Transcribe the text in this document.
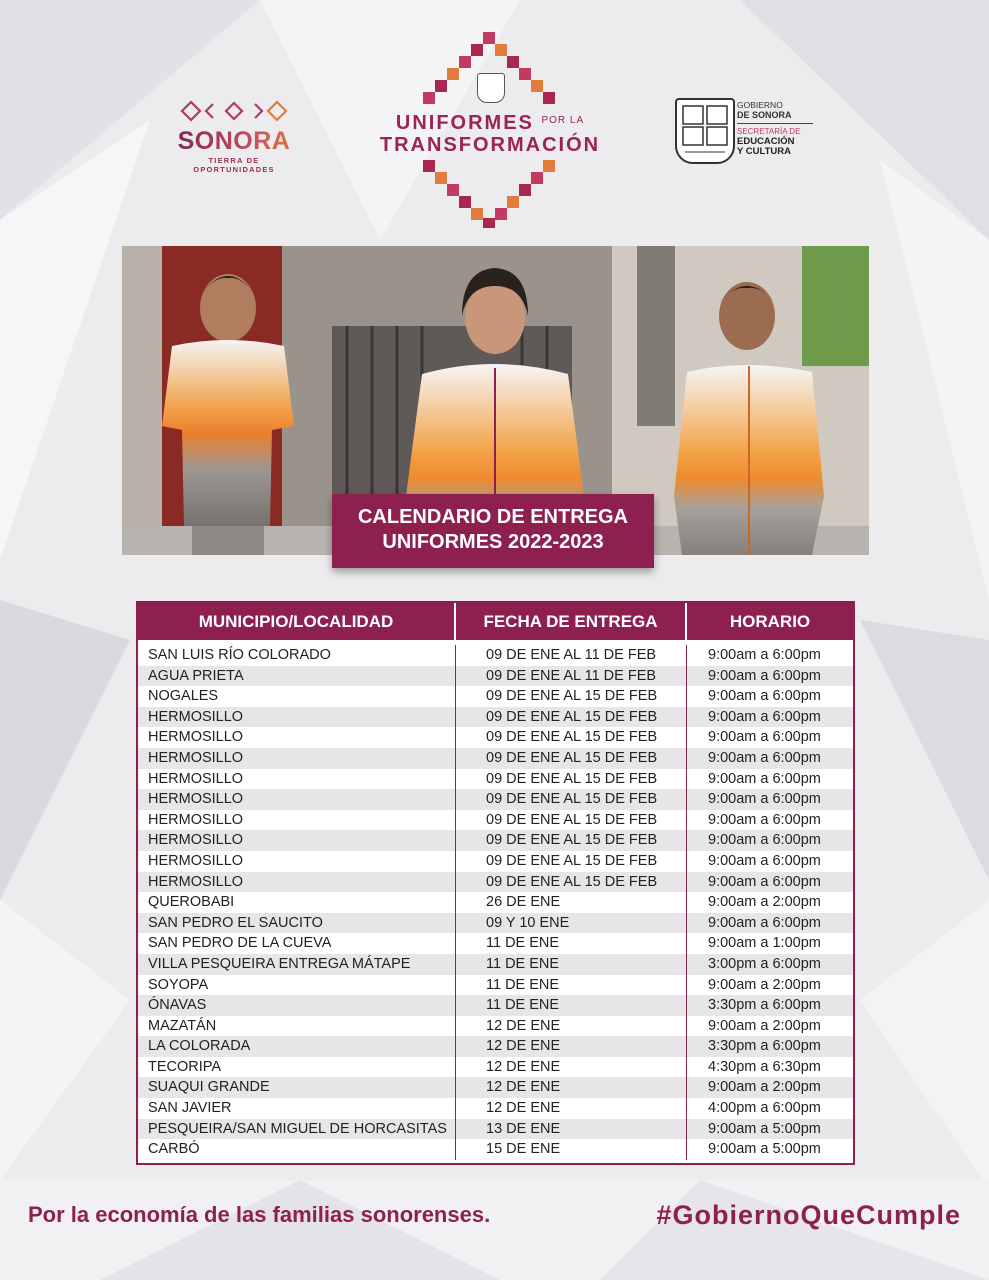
SONORA
TIERRA DE OPORTUNIDADES
UNIFORMES $^{POR LA}$
TRANSFORMACIÓN
GOBIERNO
DE SONORA
SECRETARÍA DE
EDUCACIÓN
Y CULTURA
CALENDARIO DE ENTREGA
UNIFORMES 2022-2023
MUNICIPIO/LOCALIDAD	FECHA DE ENTREGA	HORARIO
SAN LUIS RÍO COLORADO	09 DE ENE AL 11 DE FEB	9:00am a 6:00pm
AGUA PRIETA	09 DE ENE AL 11 DE FEB	9:00am a 6:00pm
NOGALES	09 DE ENE AL 15 DE FEB	9:00am a 6:00pm
HERMOSILLO	09 DE ENE AL 15 DE FEB	9:00am a 6:00pm
HERMOSILLO	09 DE ENE AL 15 DE FEB	9:00am a 6:00pm
HERMOSILLO	09 DE ENE AL 15 DE FEB	9:00am a 6:00pm
HERMOSILLO	09 DE ENE AL 15 DE FEB	9:00am a 6:00pm
HERMOSILLO	09 DE ENE AL 15 DE FEB	9:00am a 6:00pm
HERMOSILLO	09 DE ENE AL 15 DE FEB	9:00am a 6:00pm
HERMOSILLO	09 DE ENE AL 15 DE FEB	9:00am a 6:00pm
HERMOSILLO	09 DE ENE AL 15 DE FEB	9:00am a 6:00pm
HERMOSILLO	09 DE ENE AL 15 DE FEB	9:00am a 6:00pm
QUEROBABI	26 DE ENE	9:00am a 2:00pm
SAN PEDRO EL SAUCITO	09 Y 10 ENE	9:00am a 6:00pm
SAN PEDRO DE LA CUEVA	11 DE ENE	9:00am a 1:00pm
VILLA PESQUEIRA ENTREGA MÁTAPE	11 DE ENE	3:00pm a 6:00pm
SOYOPA	11 DE ENE	9:00am a 2:00pm
ÓNAVAS	11 DE ENE	3:30pm a 6:00pm
MAZATÁN	12 DE ENE	9:00am a 2:00pm
LA COLORADA	12 DE ENE	3:30pm a 6:00pm
TECORIPA	12 DE ENE	4:30pm a 6:30pm
SUAQUI GRANDE	12 DE ENE	9:00am a 2:00pm
SAN JAVIER	12 DE ENE	4:00pm a 6:00pm
PESQUEIRA/SAN MIGUEL DE HORCASITAS	13 DE ENE	9:00am a 5:00pm
CARBÓ	15 DE ENE	9:00am a 5:00pm
Por la economía de las familias sonorenses.	#GobiernoQueCumple
